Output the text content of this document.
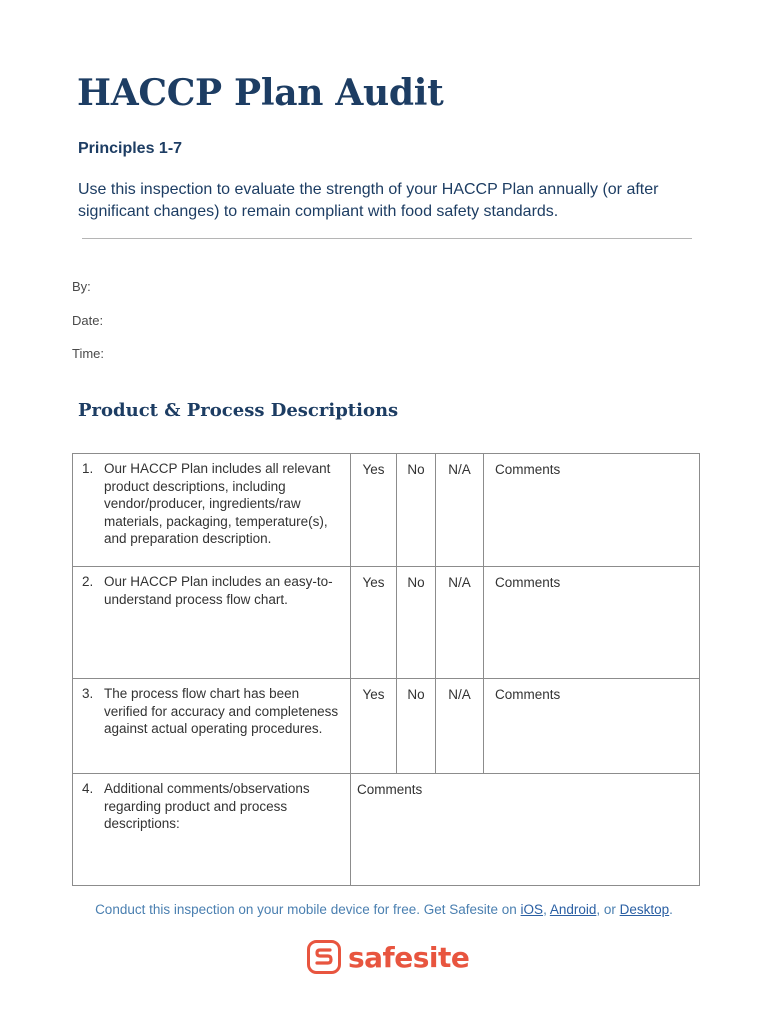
HACCP Plan Audit

Principles 1-7

Use this inspection to evaluate the strength of your HACCP Plan annually (or after significant changes) to remain compliant with food safety standards.

By:
Date:
Time:
Product & Process Descriptions
1. Our HACCP Plan includes all relevant product descriptions, including vendor/producer, ingredients/raw materials, packaging, temperature(s), and preparation description.	Yes	No	N/A	Comments

2. Our HACCP Plan includes an easy-to-understand process flow chart.	Yes	No	N/A	Comments

3. The process flow chart has been verified for accuracy and completeness against actual operating procedures.	Yes	No	N/A	Comments

4. Additional comments/observations regarding product and process descriptions:	Comments			
Conduct this inspection on your mobile device for free. Get Safesite on iOS, Android, or Desktop.
safesite
